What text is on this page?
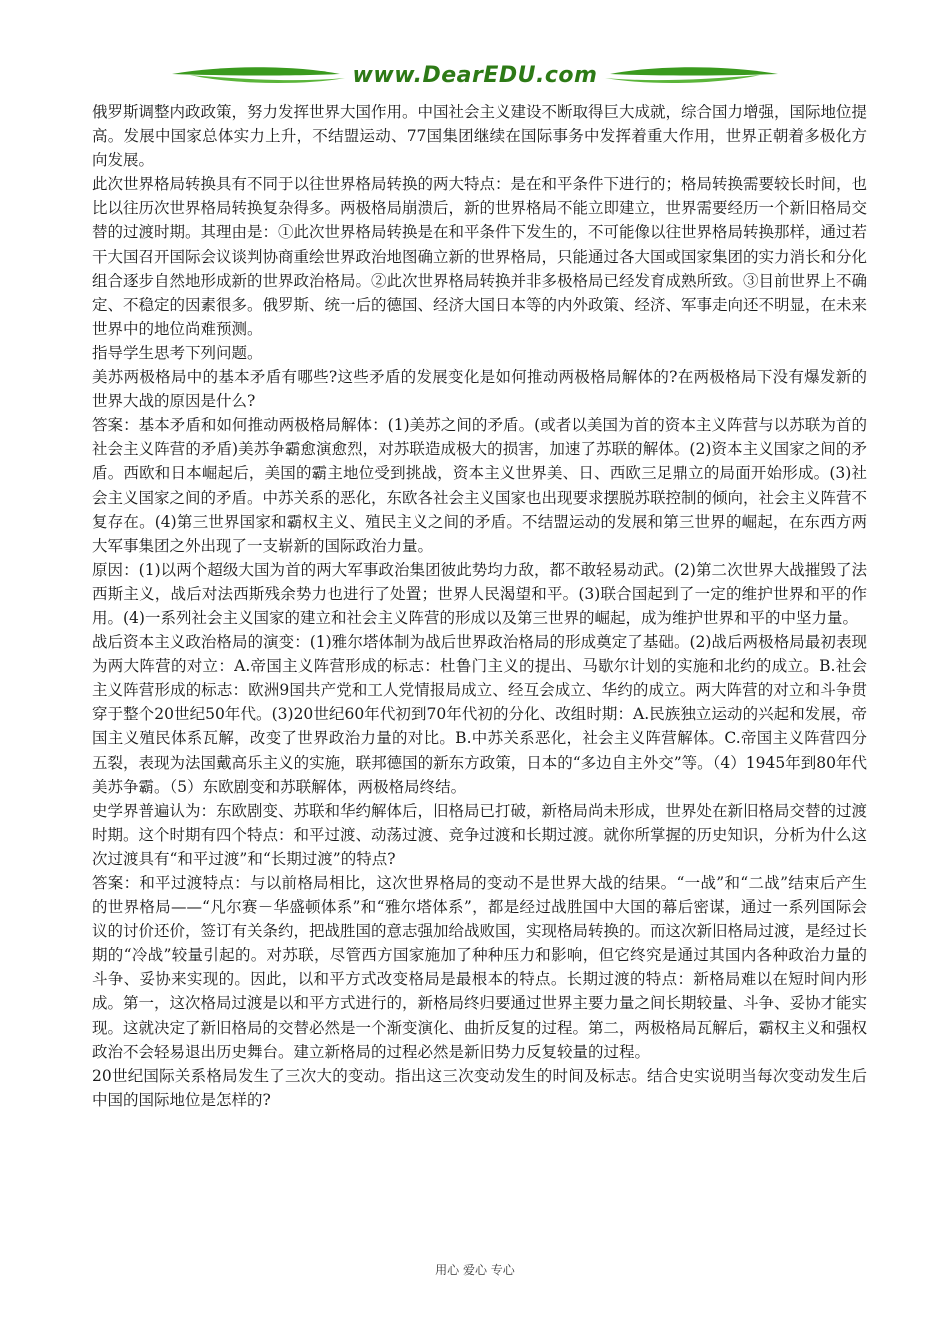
www.DearEDU.com

俄罗斯调整内政政策，努力发挥世界大国作用。中国社会主义建设不断取得巨大成就，综合国力增强，国际地位提高。发展中国家总体实力上升，不结盟运动、77国集团继续在国际事务中发挥着重大作用，世界正朝着多极化方向发展。

此次世界格局转换具有不同于以往世界格局转换的两大特点：是在和平条件下进行的；格局转换需要较长时间，也比以往历次世界格局转换复杂得多。两极格局崩溃后，新的世界格局不能立即建立，世界需要经历一个新旧格局交替的过渡时期。其理由是：①此次世界格局转换是在和平条件下发生的，不可能像以往世界格局转换那样，通过若干大国召开国际会议谈判协商重绘世界政治地图确立新的世界格局，只能通过各大国或国家集团的实力消长和分化组合逐步自然地形成新的世界政治格局。②此次世界格局转换并非多极格局已经发育成熟所致。③目前世界上不确定、不稳定的因素很多。俄罗斯、统一后的德国、经济大国日本等的内外政策、经济、军事走向还不明显，在未来世界中的地位尚难预测。

指导学生思考下列问题。

美苏两极格局中的基本矛盾有哪些?这些矛盾的发展变化是如何推动两极格局解体的?在两极格局下没有爆发新的世界大战的原因是什么?

答案：基本矛盾和如何推动两极格局解体：(1)美苏之间的矛盾。(或者以美国为首的资本主义阵营与以苏联为首的社会主义阵营的矛盾)美苏争霸愈演愈烈，对苏联造成极大的损害，加速了苏联的解体。(2)资本主义国家之间的矛盾。西欧和日本崛起后，美国的霸主地位受到挑战，资本主义世界美、日、西欧三足鼎立的局面开始形成。(3)社会主义国家之间的矛盾。中苏关系的恶化，东欧各社会主义国家也出现要求摆脱苏联控制的倾向，社会主义阵营不复存在。(4)第三世界国家和霸权主义、殖民主义之间的矛盾。不结盟运动的发展和第三世界的崛起，在东西方两大军事集团之外出现了一支崭新的国际政治力量。

原因：(1)以两个超级大国为首的两大军事政治集团彼此势均力敌，都不敢轻易动武。(2)第二次世界大战摧毁了法西斯主义，战后对法西斯残余势力也进行了处置；世界人民渴望和平。(3)联合国起到了一定的维护世界和平的作用。(4)一系列社会主义国家的建立和社会主义阵营的形成以及第三世界的崛起，成为维护世界和平的中坚力量。

战后资本主义政治格局的演变：(1)雅尔塔体制为战后世界政治格局的形成奠定了基础。(2)战后两极格局最初表现为两大阵营的对立：A.帝国主义阵营形成的标志：杜鲁门主义的提出、马歇尔计划的实施和北约的成立。B.社会主义阵营形成的标志：欧洲9国共产党和工人党情报局成立、经互会成立、华约的成立。两大阵营的对立和斗争贯穿于整个20世纪50年代。(3)20世纪60年代初到70年代初的分化、改组时期：A.民族独立运动的兴起和发展，帝国主义殖民体系瓦解，改变了世界政治力量的对比。B.中苏关系恶化，社会主义阵营解体。C.帝国主义阵营四分五裂，表现为法国戴高乐主义的实施，联邦德国的新东方政策，日本的“多边自主外交”等。（4）1945年到80年代美苏争霸。（5）东欧剧变和苏联解体，两极格局终结。

史学界普遍认为：东欧剧变、苏联和华约解体后，旧格局已打破，新格局尚未形成，世界处在新旧格局交替的过渡时期。这个时期有四个特点：和平过渡、动荡过渡、竞争过渡和长期过渡。就你所掌握的历史知识，分析为什么这次过渡具有“和平过渡”和“长期过渡”的特点?

答案：和平过渡特点：与以前格局相比，这次世界格局的变动不是世界大战的结果。“一战”和“二战”结束后产生的世界格局——“凡尔赛－华盛顿体系”和“雅尔塔体系”，都是经过战胜国中大国的幕后密谋，通过一系列国际会议的讨价还价，签订有关条约，把战胜国的意志强加给战败国，实现格局转换的。而这次新旧格局过渡，是经过长期的“冷战”较量引起的。对苏联，尽管西方国家施加了种种压力和影响，但它终究是通过其国内各种政治力量的斗争、妥协来实现的。因此，以和平方式改变格局是最根本的特点。长期过渡的特点：新格局难以在短时间内形成。第一，这次格局过渡是以和平方式进行的，新格局终归要通过世界主要力量之间长期较量、斗争、妥协才能实现。这就决定了新旧格局的交替必然是一个渐变演化、曲折反复的过程。第二，两极格局瓦解后，霸权主义和强权政治不会轻易退出历史舞台。建立新格局的过程必然是新旧势力反复较量的过程。

20世纪国际关系格局发生了三次大的变动。指出这三次变动发生的时间及标志。结合史实说明当每次变动发生后中国的国际地位是怎样的?

用心 爱心 专心
